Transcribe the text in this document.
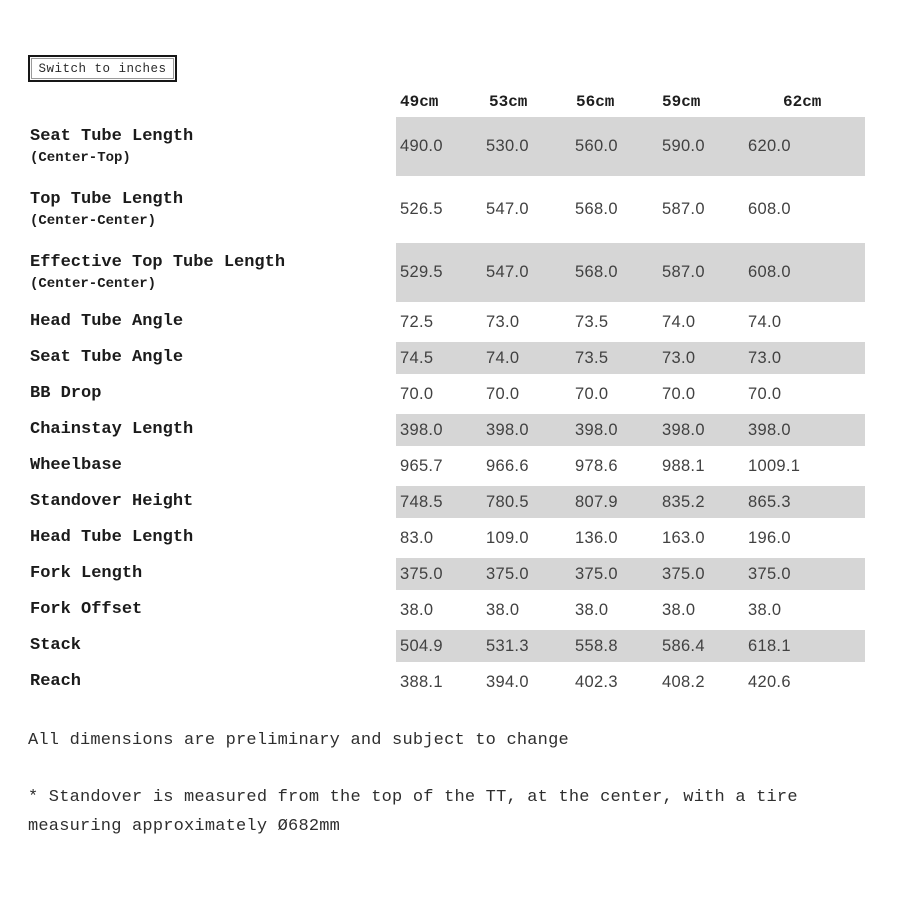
Switch to inches
49cm	53cm	56cm	59cm	62cm
Seat Tube Length
(Center-Top)
490.0	530.0	560.0	590.0	620.0
Top Tube Length
(Center-Center)
526.5	547.0	568.0	587.0	608.0
Effective Top Tube Length
(Center-Center)
529.5	547.0	568.0	587.0	608.0
Head Tube Angle	72.5	73.0	73.5	74.0	74.0
Seat Tube Angle	74.5	74.0	73.5	73.0	73.0
BB Drop	70.0	70.0	70.0	70.0	70.0
Chainstay Length	398.0	398.0	398.0	398.0	398.0
Wheelbase	965.7	966.6	978.6	988.1	1009.1
Standover Height	748.5	780.5	807.9	835.2	865.3
Head Tube Length	83.0	109.0	136.0	163.0	196.0
Fork Length	375.0	375.0	375.0	375.0	375.0
Fork Offset	38.0	38.0	38.0	38.0	38.0
Stack	504.9	531.3	558.8	586.4	618.1
Reach	388.1	394.0	402.3	408.2	420.6
All dimensions are preliminary and subject to change
* Standover is measured from the top of the TT, at the center, with a tire measuring approximately Ø682mm
